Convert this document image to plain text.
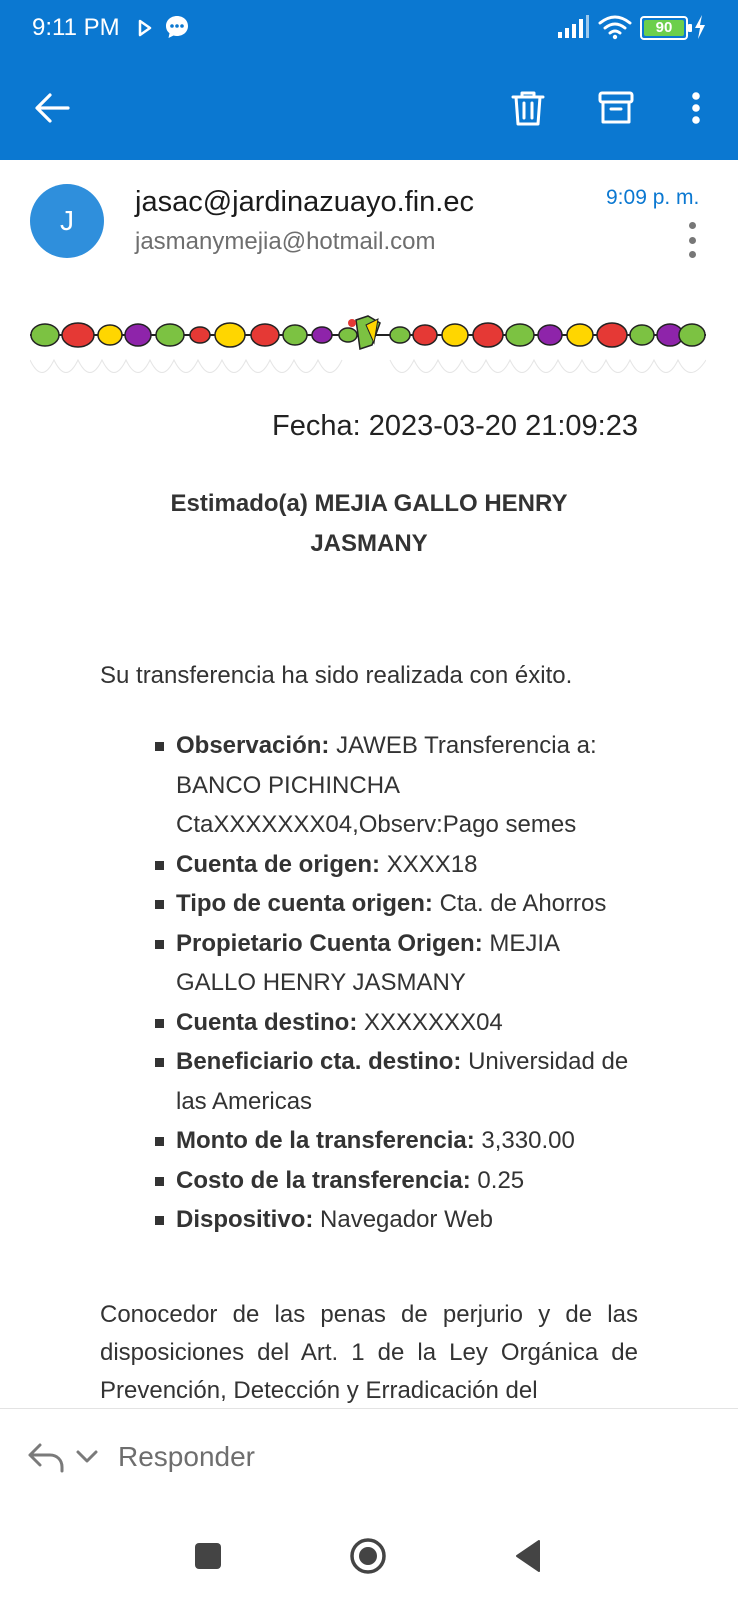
9:11 PM	90
J
jasac@jardinazuayo.fin.ec
jasmanymejia@hotmail.com
9:09 p. m.
Fecha: 2023-03-20 21:09:23
Estimado(a) MEJIA GALLO HENRY JASMANY
Su transferencia ha sido realizada con éxito.
Observación: JAWEB Transferencia a: BANCO PICHINCHA CtaXXXXXXX04,Observ:Pago semes
Cuenta de origen: XXXX18
Tipo de cuenta origen: Cta. de Ahorros
Propietario Cuenta Origen: MEJIA GALLO HENRY JASMANY
Cuenta destino: XXXXXXX04
Beneficiario cta. destino: Universidad de las Americas
Monto de la transferencia: 3,330.00
Costo de la transferencia: 0.25
Dispositivo: Navegador Web
Conocedor de las penas de perjurio y de las disposiciones del Art. 1 de la Ley Orgánica de Prevención, Detección y Erradicación del
Responder
